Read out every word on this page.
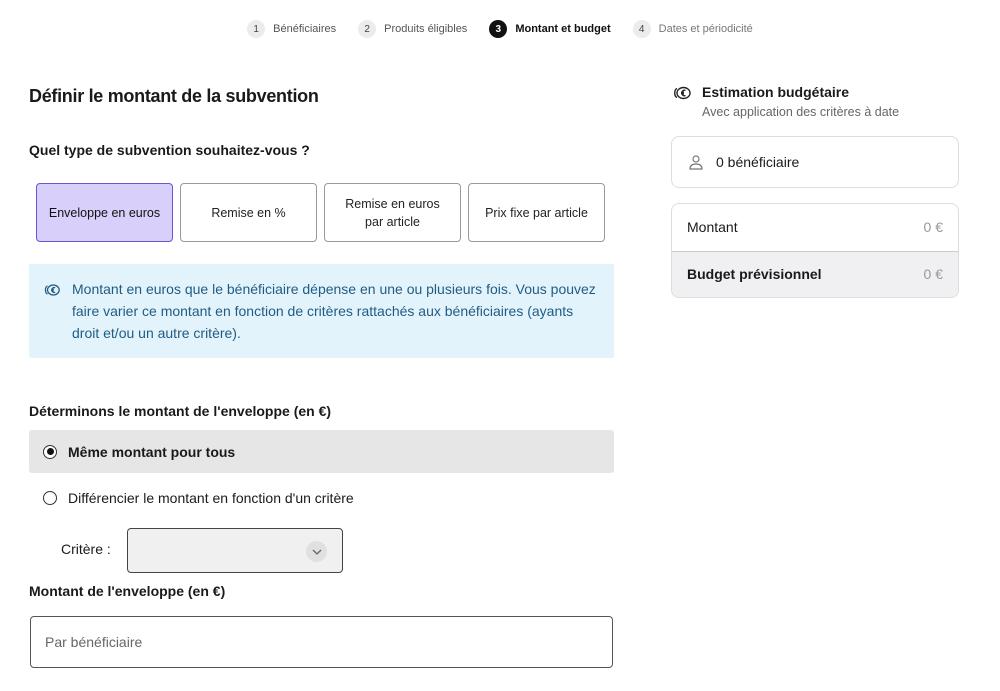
1	Bénéficiaires	2	Produits éligibles	3	Montant et budget	4	Dates et périodicité
Définir le montant de la subvention
Quel type de subvention souhaitez-vous ?
Enveloppe en euros	Remise en %
Remise en euros par article
Prix fixe par article
Montant en euros que le bénéficiaire dépense en une ou plusieurs fois. Vous pouvez faire varier ce montant en fonction de critères rattachés aux bénéficiaires (ayants droit et/ou un autre critère).
Déterminons le montant de l'enveloppe (en €)
Même montant pour tous
Différencier le montant en fonction d'un critère
Critère :
Montant de l'enveloppe (en €)
Par bénéficiaire
Estimation budgétaire
Avec application des critères à date
0 bénéficiaire
Montant	0 €
Budget prévisionnel	0 €
